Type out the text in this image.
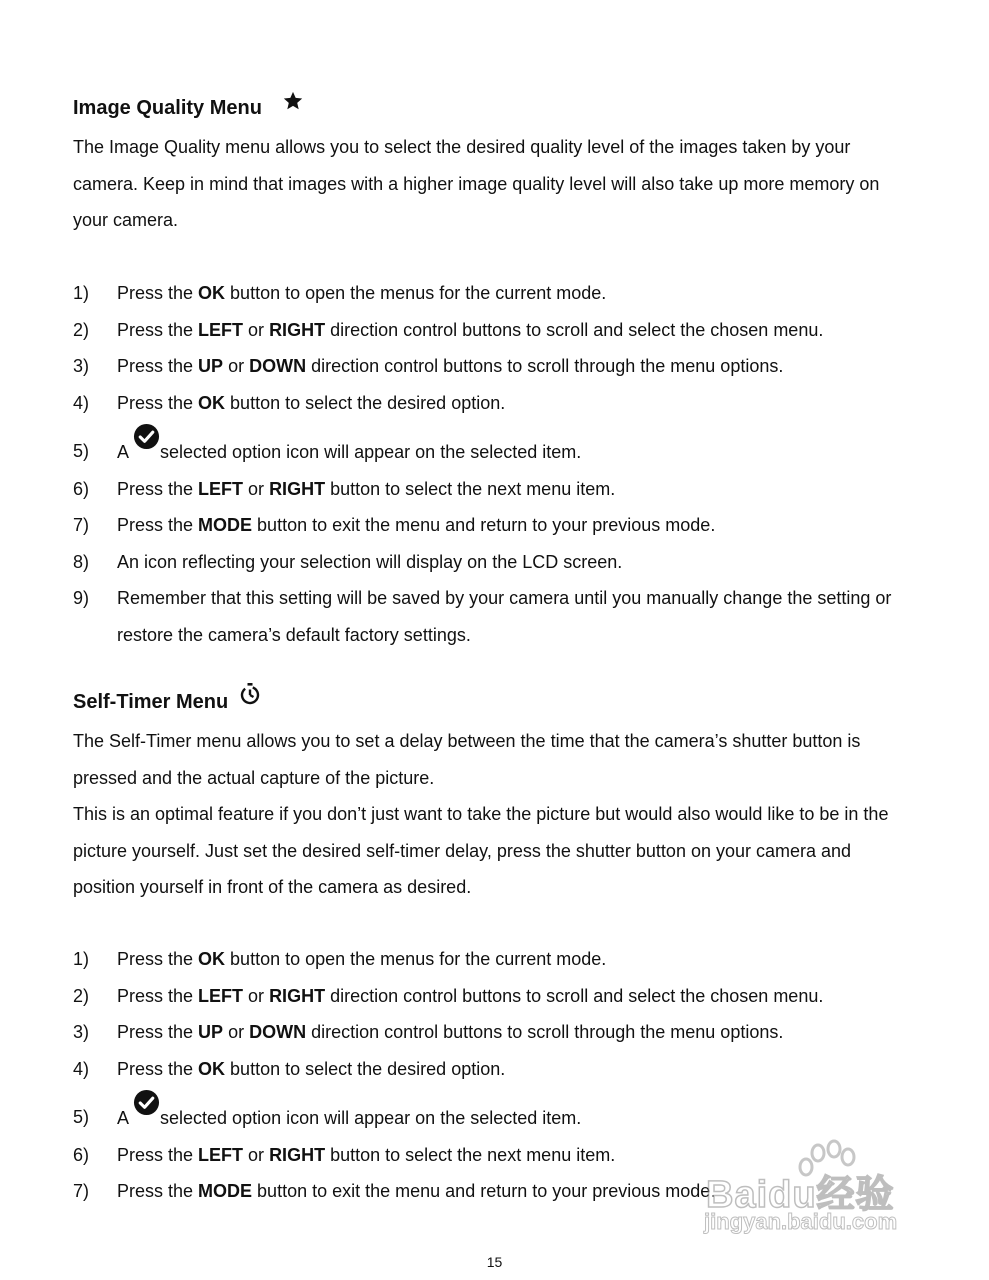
Image Quality Menu

The Image Quality menu allows you to select the desired quality level of the images taken by your camera. Keep in mind that images with a higher image quality level will also take up more memory on your camera.

1) Press the OK button to open the menus for the current mode.
2) Press the LEFT or RIGHT direction control buttons to scroll and select the chosen menu.
3) Press the UP or DOWN direction control buttons to scroll through the menu options.
4) Press the OK button to select the desired option.
5) A selected option icon will appear on the selected item.
6) Press the LEFT or RIGHT button to select the next menu item.
7) Press the MODE button to exit the menu and return to your previous mode.
8) An icon reflecting your selection will display on the LCD screen.
9) Remember that this setting will be saved by your camera until you manually change the setting or restore the camera’s default factory settings.
Self-Timer Menu

The Self-Timer menu allows you to set a delay between the time that the camera’s shutter button is pressed and the actual capture of the picture.

This is an optimal feature if you don’t just want to take the picture but would also would like to be in the picture yourself. Just set the desired self-timer delay, press the shutter button on your camera and position yourself in front of the camera as desired.

1) Press the OK button to open the menus for the current mode.
2) Press the LEFT or RIGHT direction control buttons to scroll and select the chosen menu.
3) Press the UP or DOWN direction control buttons to scroll through the menu options.
4) Press the OK button to select the desired option.
5) A selected option icon will appear on the selected item.
6) Press the LEFT or RIGHT button to select the next menu item.
7) Press the MODE button to exit the menu and return to your previous mode.
Baidu经验
jingyan.baidu.com
15
